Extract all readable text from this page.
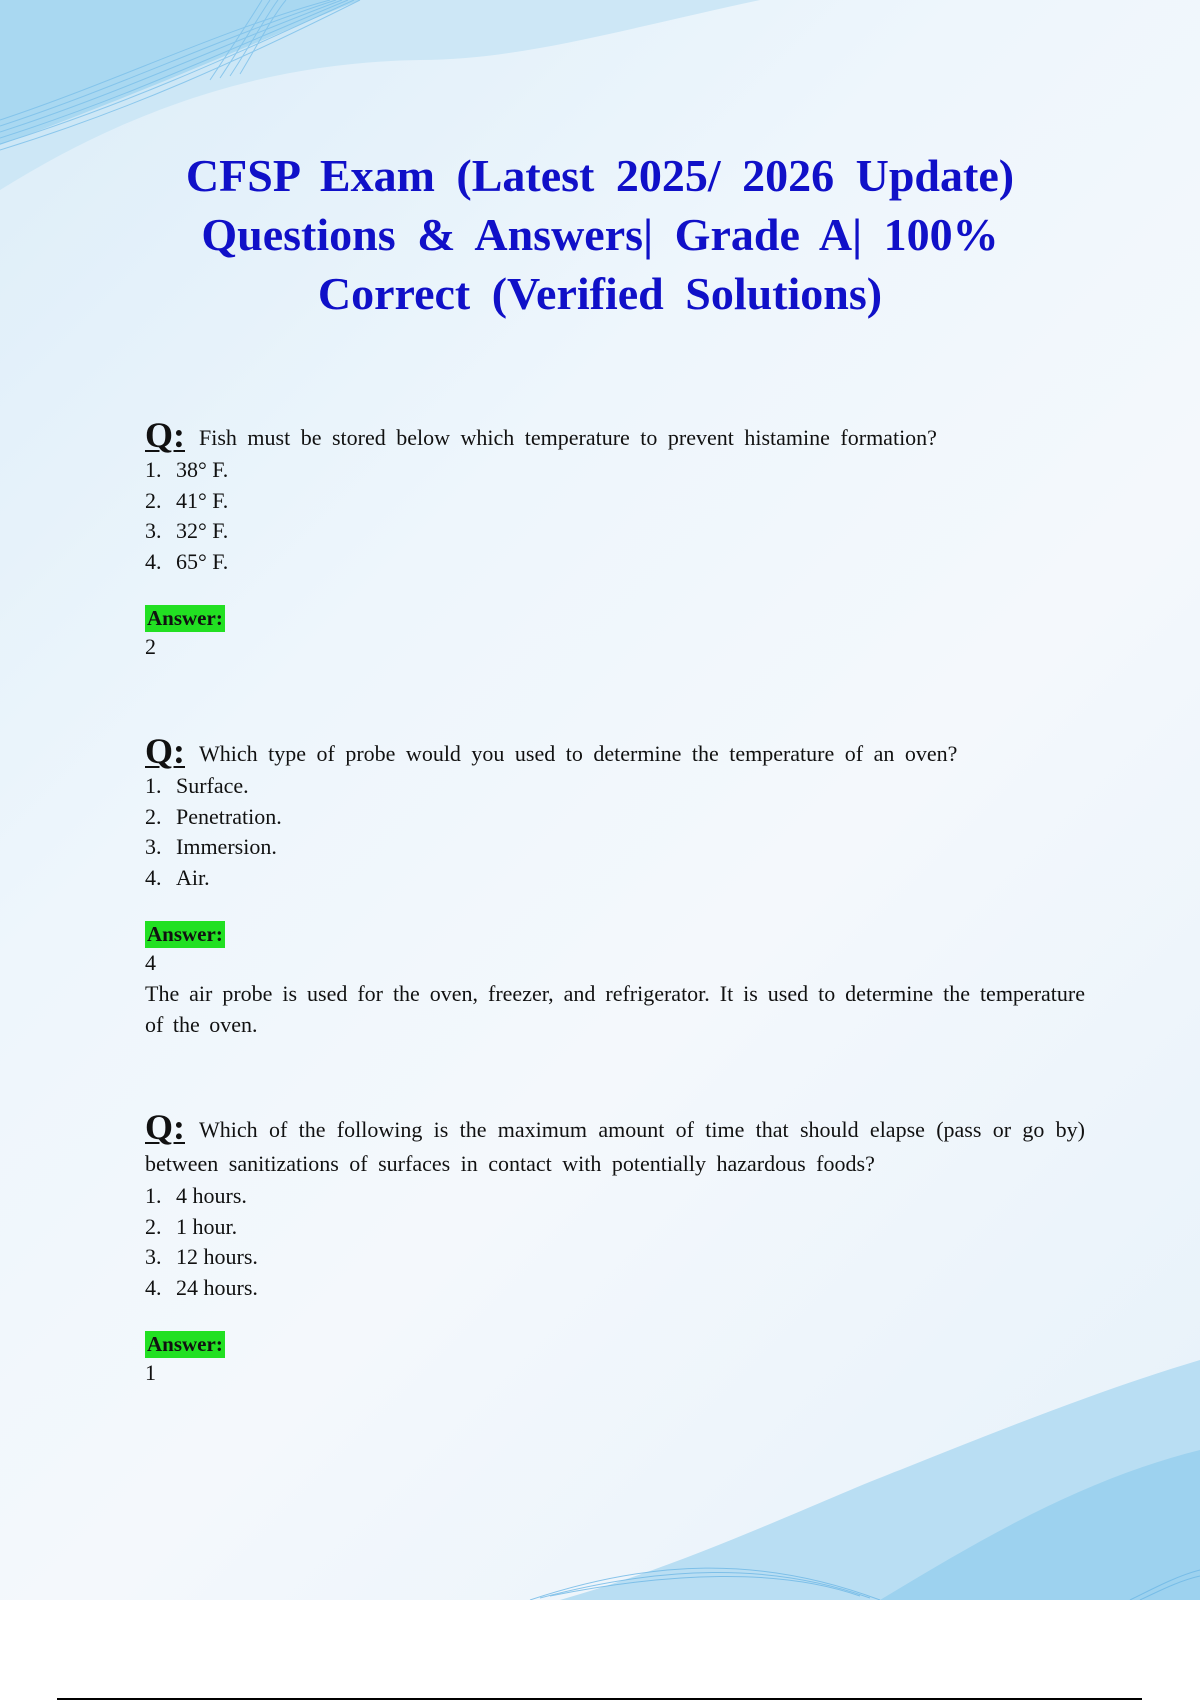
CFSP Exam (Latest 2025/ 2026 Update) Questions & Answers| Grade A| 100% Correct (Verified Solutions)
Q: Fish must be stored below which temperature to prevent histamine formation?
1. 38° F.
2. 41° F.
3. 32° F.
4. 65° F.
Answer:
2
Q: Which type of probe would you used to determine the temperature of an oven?
1. Surface.
2. Penetration.
3. Immersion.
4. Air.
Answer:
4
The air probe is used for the oven, freezer, and refrigerator. It is used to determine the temperature of the oven.
Q: Which of the following is the maximum amount of time that should elapse (pass or go by) between sanitizations of surfaces in contact with potentially hazardous foods?
1. 4 hours.
2. 1 hour.
3. 12 hours.
4. 24 hours.
Answer:
1
